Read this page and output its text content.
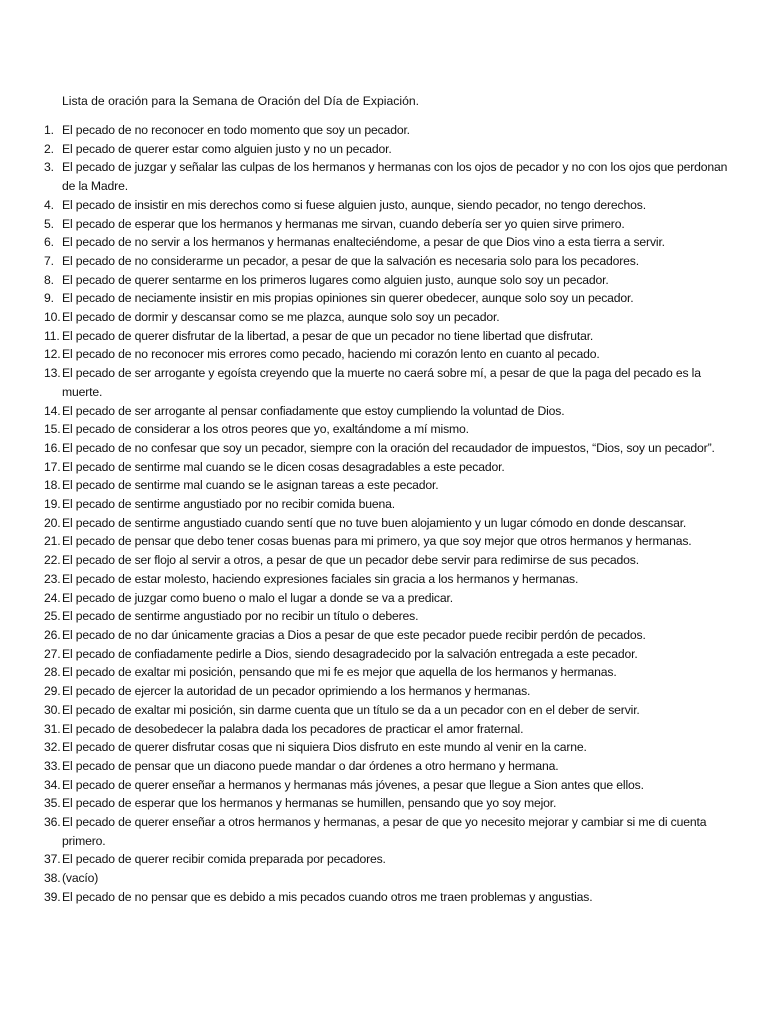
Lista de oración para la Semana de Oración del Día de Expiación.
1. El pecado de no reconocer en todo momento que soy un pecador.
2. El pecado de querer estar como alguien justo y no un pecador.
3. El pecado de juzgar y señalar las culpas de los hermanos y hermanas con los ojos de pecador y no con los ojos que perdonan de la Madre.
4. El pecado de insistir en mis derechos como si fuese alguien justo, aunque, siendo pecador, no tengo derechos.
5. El pecado de esperar que los hermanos y hermanas me sirvan, cuando debería ser yo quien sirve primero.
6. El pecado de no servir a los hermanos y hermanas enalteciéndome, a pesar de que Dios vino a esta tierra a servir.
7. El pecado de no considerarme un pecador, a pesar de que la salvación es necesaria solo para los pecadores.
8. El pecado de querer sentarme en los primeros lugares como alguien justo, aunque solo soy un pecador.
9. El pecado de neciamente insistir en mis propias opiniones sin querer obedecer, aunque solo soy un pecador.
10. El pecado de dormir y descansar como se me plazca, aunque solo soy un pecador.
11. El pecado de querer disfrutar de la libertad, a pesar de que un pecador no tiene libertad que disfrutar.
12. El pecado de no reconocer mis errores como pecado, haciendo mi corazón lento en cuanto al pecado.
13. El pecado de ser arrogante y egoísta creyendo que la muerte no caerá sobre mí, a pesar de que la paga del pecado es la muerte.
14. El pecado de ser arrogante al pensar confiadamente que estoy cumpliendo la voluntad de Dios.
15. El pecado de considerar a los otros peores que yo, exaltándome a mí mismo.
16. El pecado de no confesar que soy un pecador, siempre con la oración del recaudador de impuestos, “Dios, soy un pecador”.
17. El pecado de sentirme mal cuando se le dicen cosas desagradables a este pecador.
18. El pecado de sentirme mal cuando se le asignan tareas a este pecador.
19. El pecado de sentirme angustiado por no recibir comida buena.
20. El pecado de sentirme angustiado cuando sentí que no tuve buen alojamiento y un lugar cómodo en donde descansar.
21. El pecado de pensar que debo tener cosas buenas para mi primero, ya que soy mejor que otros hermanos y hermanas.
22. El pecado de ser flojo al servir a otros, a pesar de que un pecador debe servir para redimirse de sus pecados.
23. El pecado de estar molesto, haciendo expresiones faciales sin gracia a los hermanos y hermanas.
24. El pecado de juzgar como bueno o malo el lugar a donde se va a predicar.
25. El pecado de sentirme angustiado por no recibir un título o deberes.
26. El pecado de no dar únicamente gracias a Dios a pesar de que este pecador puede recibir perdón de pecados.
27. El pecado de confiadamente pedirle a Dios, siendo desagradecido por la salvación entregada a este pecador.
28. El pecado de exaltar mi posición, pensando que mi fe es mejor que aquella de los hermanos y hermanas.
29. El pecado de ejercer la autoridad de un pecador oprimiendo a los hermanos y hermanas.
30. El pecado de exaltar mi posición, sin darme cuenta que un título se da a un pecador con en el deber de servir.
31. El pecado de desobedecer la palabra dada los pecadores de practicar el amor fraternal.
32. El pecado de querer disfrutar cosas que ni siquiera Dios disfruto en este mundo al venir en la carne.
33. El pecado de pensar que un diacono puede mandar o dar órdenes a otro hermano y hermana.
34. El pecado de querer enseñar a hermanos y hermanas más jóvenes, a pesar que llegue a Sion antes que ellos.
35. El pecado de esperar que los hermanos y hermanas se humillen, pensando que yo soy mejor.
36. El pecado de querer enseñar a otros hermanos y hermanas, a pesar de que yo necesito mejorar y cambiar si me di cuenta primero.
37. El pecado de querer recibir comida preparada por pecadores.
38. (vacío)
39. El pecado de no pensar que es debido a mis pecados cuando otros me traen problemas y angustias.
